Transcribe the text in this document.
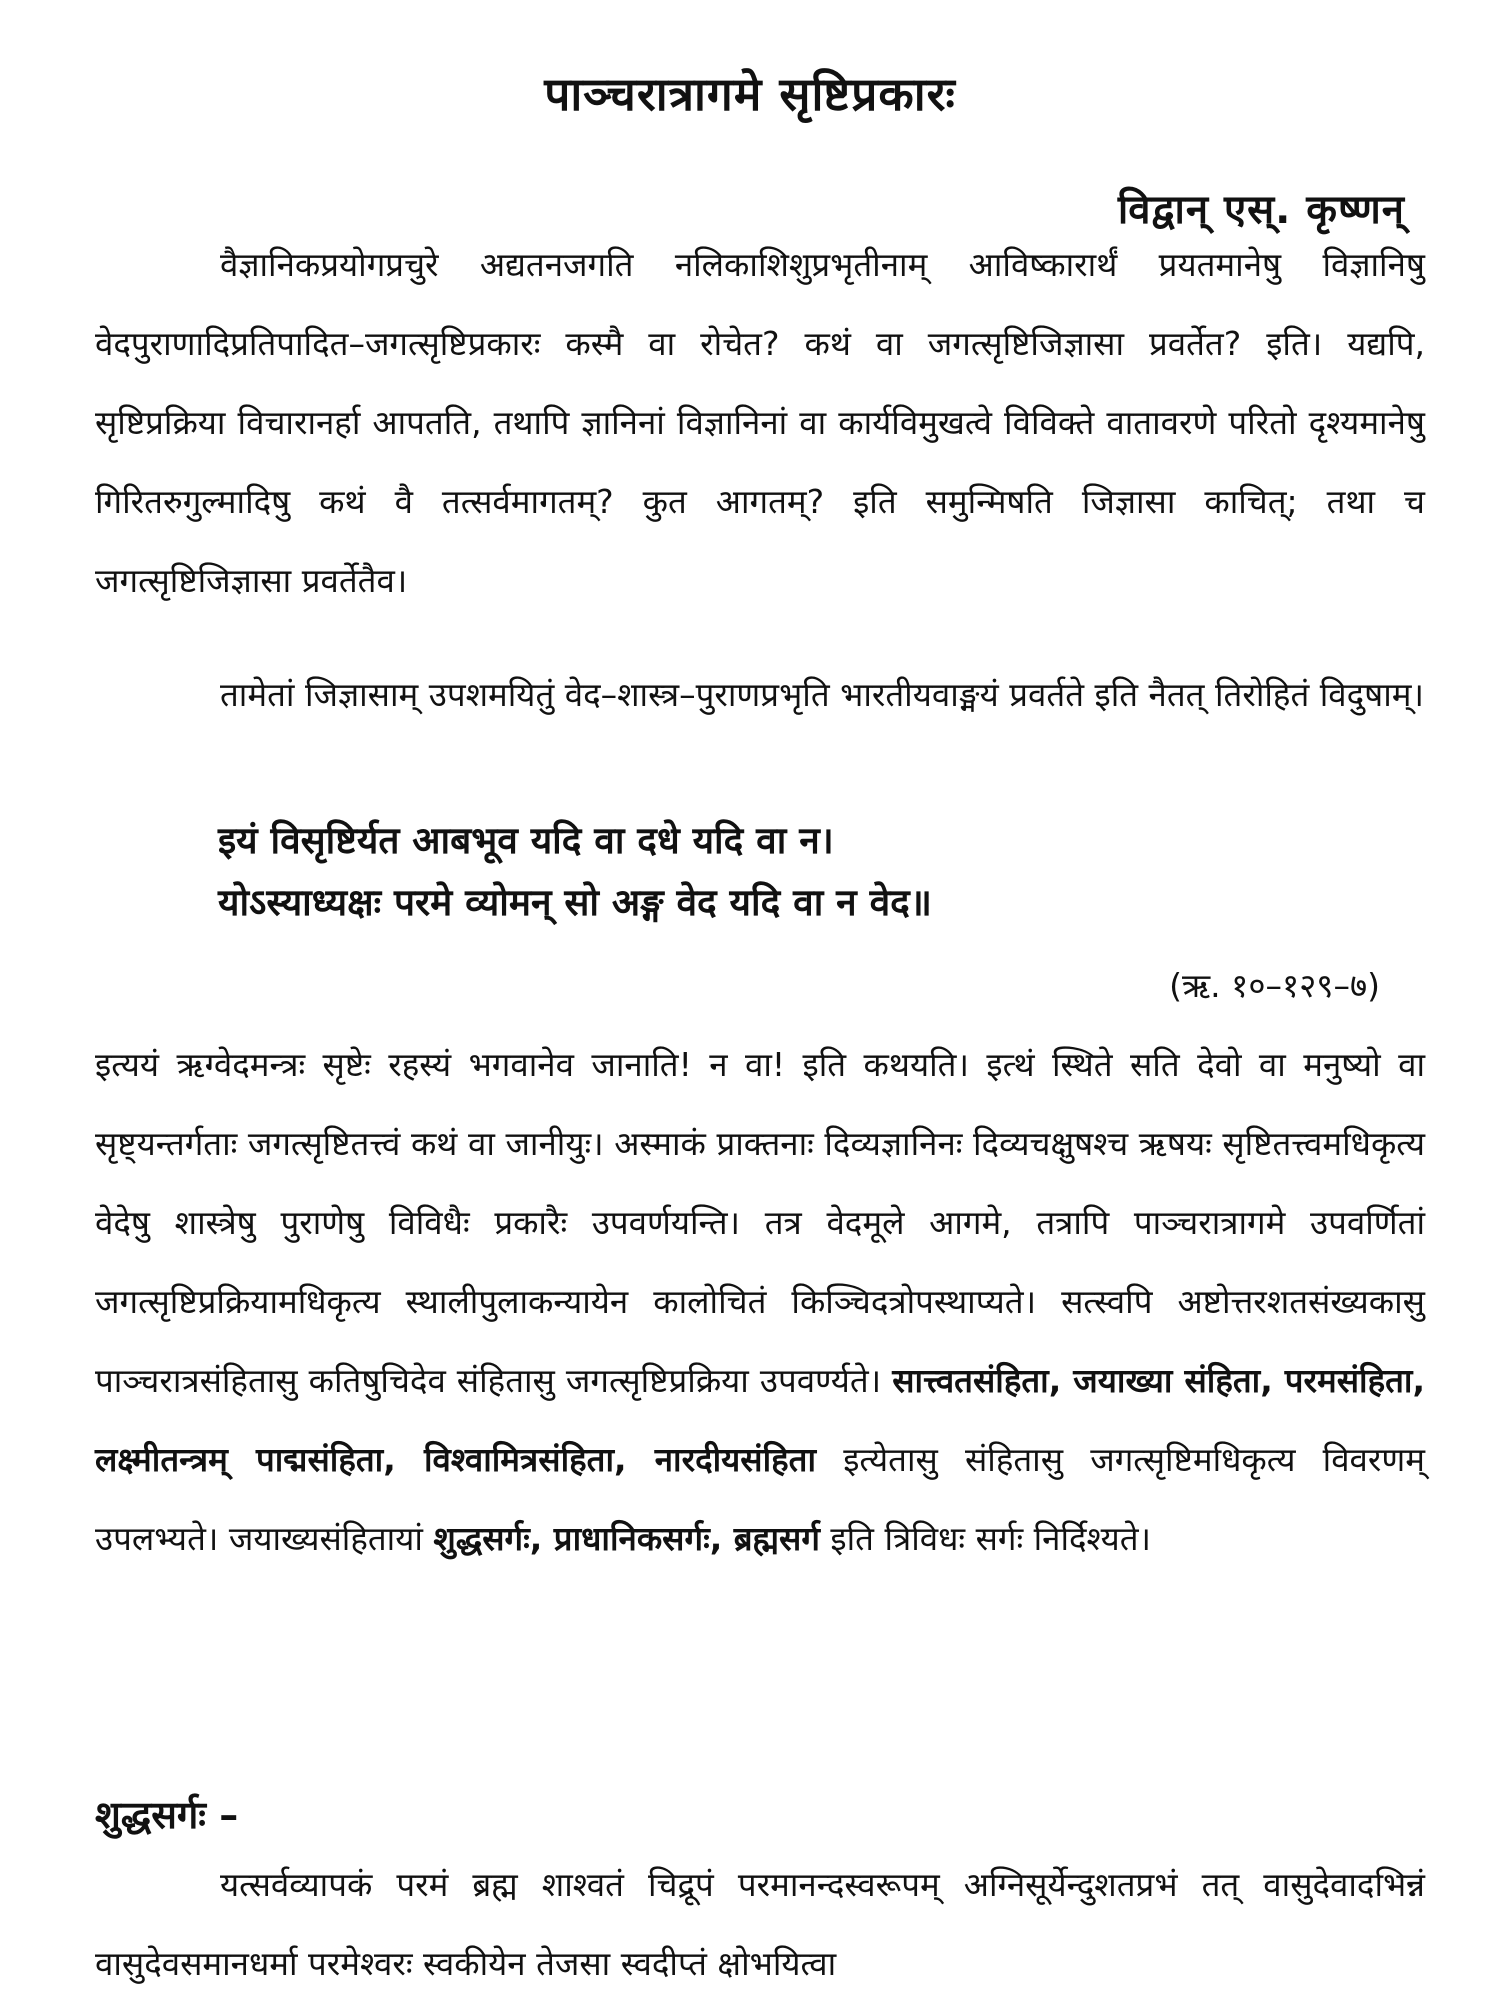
पाञ्चरात्रागमे सृष्टिप्रकारः
विद्वान् एस्. कृष्णन्
वैज्ञानिकप्रयोगप्रचुरे अद्यतनजगति नलिकाशिशुप्रभृतीनाम् आविष्कारार्थं प्रयतमानेषु विज्ञानिषु वेदपुराणादिप्रतिपादित–जगत्सृष्टिप्रकारः कस्मै वा रोचेत? कथं वा जगत्सृष्टिजिज्ञासा प्रवर्तेत? इति। यद्यपि, सृष्टिप्रक्रिया विचारानर्हा आपतति, तथापि ज्ञानिनां विज्ञानिनां वा कार्यविमुखत्वे विविक्ते वातावरणे परितो दृश्यमानेषु गिरितरुगुल्मादिषु कथं वै तत्सर्वमागतम्? कुत आगतम्? इति समुन्मिषति जिज्ञासा काचित्; तथा च जगत्सृष्टिजिज्ञासा प्रवर्तेतैव।
तामेतां जिज्ञासाम् उपशमयितुं वेद–शास्त्र–पुराणप्रभृति भारतीयवाङ्मयं प्रवर्तते इति नैतत् तिरोहितं विदुषाम्।
इयं विसृष्टिर्यत आबभूव यदि वा दधे यदि वा न।
योऽस्याध्यक्षः परमे व्योमन् सो अङ्ग वेद यदि वा न वेद॥
(ऋ. १०–१२९–७)
इत्ययं ऋग्वेदमन्त्रः सृष्टेः रहस्यं भगवानेव जानाति! न वा! इति कथयति। इत्थं स्थिते सति देवो वा मनुष्यो वा सृष्ट्यन्तर्गताः जगत्सृष्टितत्त्वं कथं वा जानीयुः। अस्माकं प्राक्तनाः दिव्यज्ञानिनः दिव्यचक्षुषश्च ऋषयः सृष्टितत्त्वमधिकृत्य वेदेषु शास्त्रेषु पुराणेषु विविधैः प्रकारैः उपवर्णयन्ति। तत्र वेदमूले आगमे, तत्रापि पाञ्चरात्रागमे उपवर्णितां जगत्सृष्टिप्रक्रियामधिकृत्य स्थालीपुलाकन्यायेन कालोचितं किञ्चिदत्रोपस्थाप्यते। सत्स्वपि अष्टोत्तरशतसंख्यकासु पाञ्चरात्रसंहितासु कतिषुचिदेव संहितासु जगत्सृष्टिप्रक्रिया उपवर्ण्यते। सात्त्वतसंहिता, जयाख्या संहिता, परमसंहिता, लक्ष्मीतन्त्रम् पाद्मसंहिता, विश्वामित्रसंहिता, नारदीयसंहिता इत्येतासु संहितासु जगत्सृष्टिमधिकृत्य विवरणम् उपलभ्यते। जयाख्यसंहितायां शुद्धसर्गः, प्राधानिकसर्गः, ब्रह्मसर्ग इति त्रिविधः सर्गः निर्दिश्यते।
शुद्धसर्गः –
यत्सर्वव्यापकं परमं ब्रह्म शाश्वतं चिद्रूपं परमानन्दस्वरूपम् अग्निसूर्येन्दुशतप्रभं तत् वासुदेवादभिन्नं वासुदेवसमानधर्मा परमेश्वरः स्वकीयेन तेजसा स्वदीप्तं क्षोभयित्वा
